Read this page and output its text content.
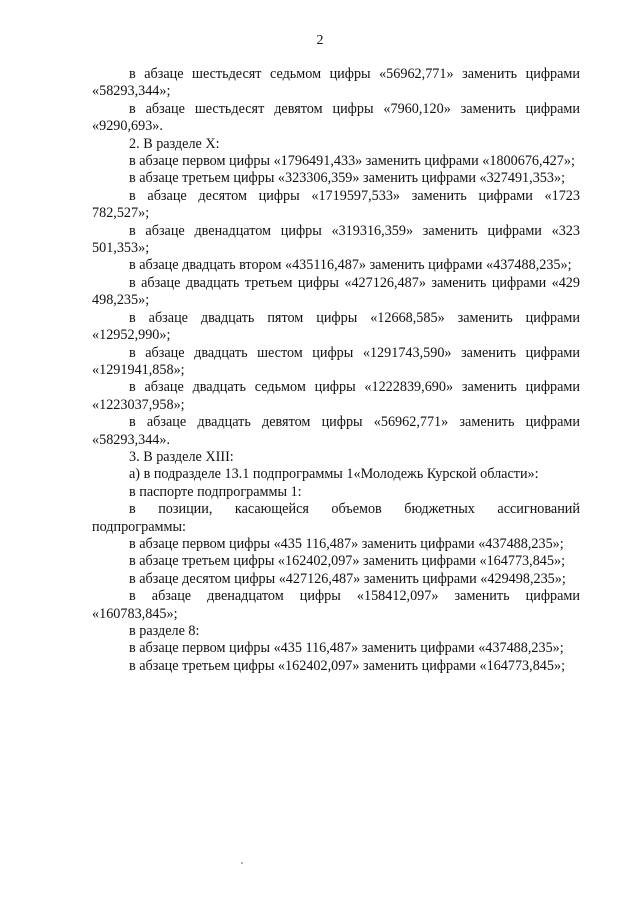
2

в абзаце шестьдесят седьмом цифры «56962,771» заменить цифрами «58293,344»;

в абзаце шестьдесят девятом цифры «7960,120» заменить цифрами «9290,693».

2. В разделе X:

в абзаце первом цифры «1796491,433» заменить цифрами «1800676,427»;

в абзаце третьем цифры «323306,359» заменить цифрами «327491,353»;

в абзаце десятом цифры «1719597,533» заменить цифрами «1723 782,527»;

в абзаце двенадцатом цифры «319316,359» заменить цифрами «323 501,353»;

в абзаце двадцать втором «435116,487» заменить цифрами «437488,235»;

в абзаце двадцать третьем цифры «427126,487» заменить цифрами «429 498,235»;

в абзаце двадцать пятом цифры «12668,585» заменить цифрами «12952,990»;

в абзаце двадцать шестом цифры «1291743,590» заменить цифрами «1291941,858»;

в абзаце двадцать седьмом цифры «1222839,690» заменить цифрами «1223037,958»;

в абзаце двадцать девятом цифры «56962,771» заменить цифрами «58293,344».

3. В разделе XIII:

а) в подразделе 13.1 подпрограммы 1«Молодежь Курской области»:

в паспорте подпрограммы 1:

в позиции, касающейся объемов бюджетных ассигнований подпрограммы:

в абзаце первом цифры «435 116,487» заменить цифрами «437488,235»;

в абзаце третьем цифры «162402,097» заменить цифрами «164773,845»;

в абзаце десятом цифры «427126,487» заменить цифрами «429498,235»;

в абзаце двенадцатом цифры «158412,097» заменить цифрами «160783,845»;

в разделе 8:

в абзаце первом цифры «435 116,487» заменить цифрами «437488,235»;

в абзаце третьем цифры «162402,097» заменить цифрами «164773,845»;
